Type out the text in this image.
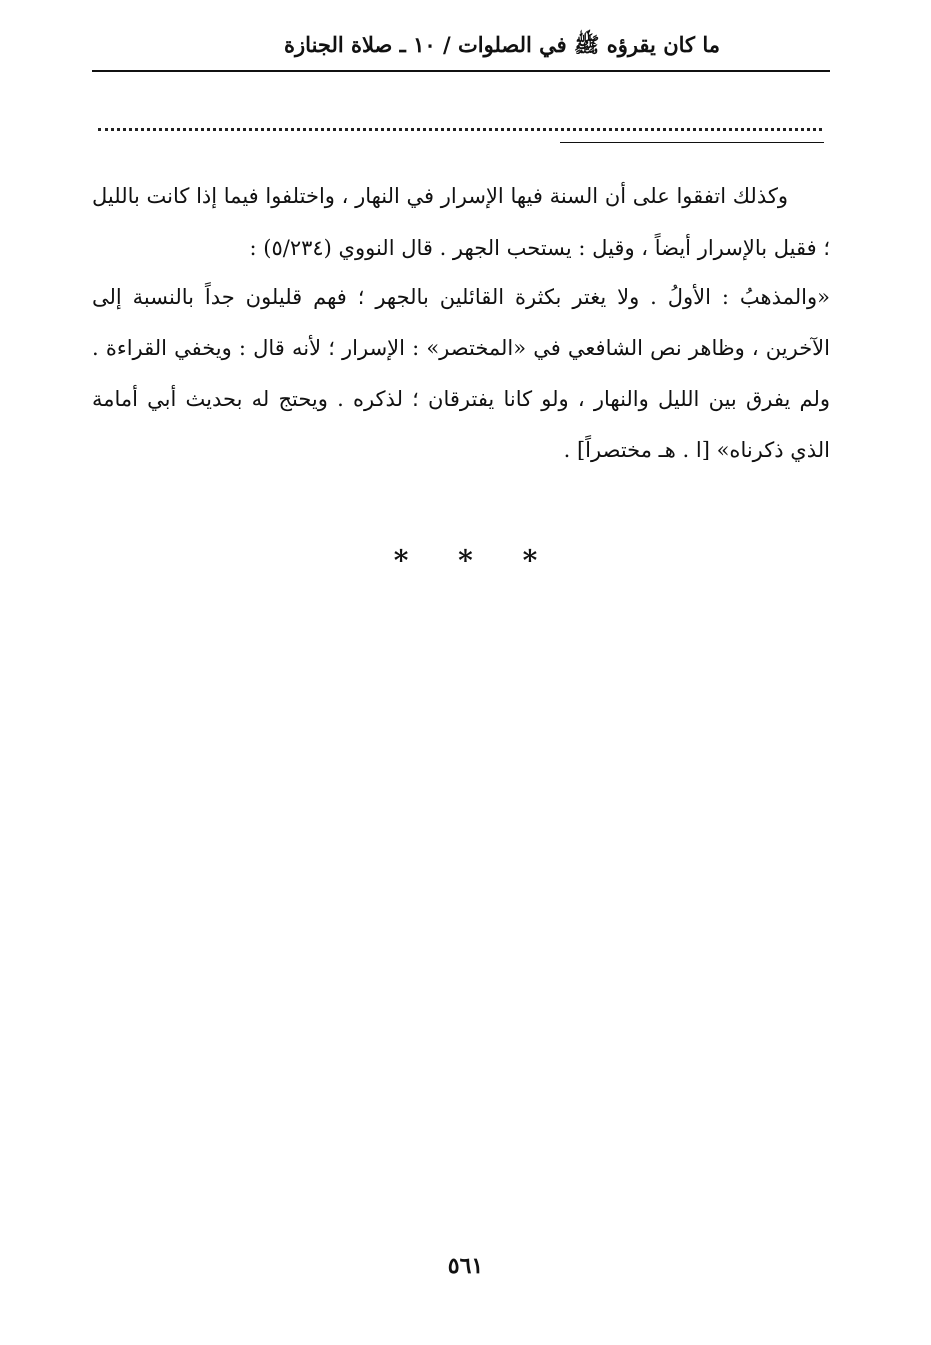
ما كان يقرؤه ﷺ في الصلوات / ١٠ ـ صلاة الجنازة

وكذلك اتفقوا على أن السنة فيها الإسرار في النهار ، واختلفوا فيما إذا كانت بالليل ؛ فقيل بالإسرار أيضاً ، وقيل : يستحب الجهر . قال النووي (٥/٢٣٤) :

«والمذهبُ : الأولُ . ولا يغتر بكثرة القائلين بالجهر ؛ فهم قليلون جداً بالنسبة إلى الآخرين ، وظاهر نص الشافعي في «المختصر» : الإسرار ؛ لأنه قال : ويخفي القراءة . ولم يفرق بين الليل والنهار ، ولو كانا يفترقان ؛ لذكره . ويحتج له بحديث أبي أمامة الذي ذكرناه» [ا . هـ مختصراً] .

* * *
٥٦١
